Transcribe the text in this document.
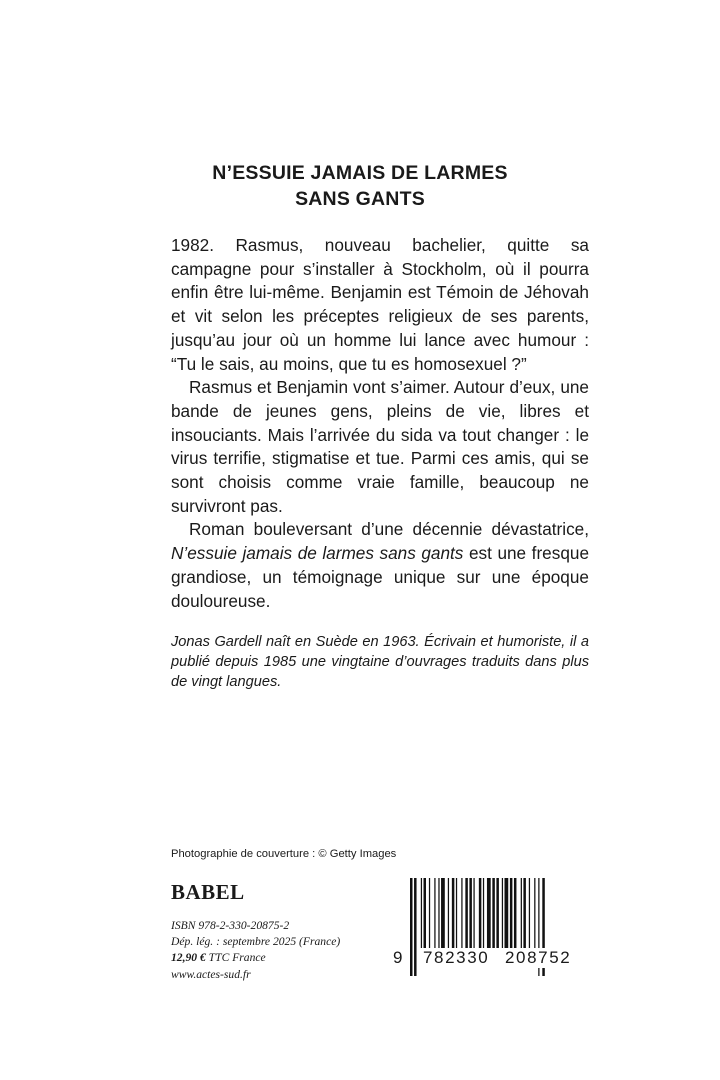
N’ESSUIE JAMAIS DE LARMES
SANS GANTS

1982. Rasmus, nouveau bachelier, quitte sa campagne pour s’installer à Stockholm, où il pourra enfin être lui-même. Benjamin est Témoin de Jéhovah et vit selon les préceptes religieux de ses parents, jusqu’au jour où un homme lui lance avec humour : “Tu le sais, au moins, que tu es homosexuel ?”

Rasmus et Benjamin vont s’aimer. Autour d’eux, une bande de jeunes gens, pleins de vie, libres et insouciants. Mais l’arrivée du sida va tout changer : le virus terrifie, stigmatise et tue. Parmi ces amis, qui se sont choisis comme vraie famille, beaucoup ne survivront pas.

Roman bouleversant d’une décennie dévastatrice, N’essuie jamais de larmes sans gants est une fresque grandiose, un témoignage unique sur une époque douloureuse.

Jonas Gardell naît en Suède en 1963. Écrivain et humoriste, il a publié depuis 1985 une vingtaine d’ouvrages traduits dans plus de vingt langues.
Photographie de couverture : © Getty Images
BABEL
ISBN 978-2-330-20875-2
Dép. lég. : septembre 2025 (France)
12,90 € TTC France
www.actes-sud.fr
9 782330 208752
